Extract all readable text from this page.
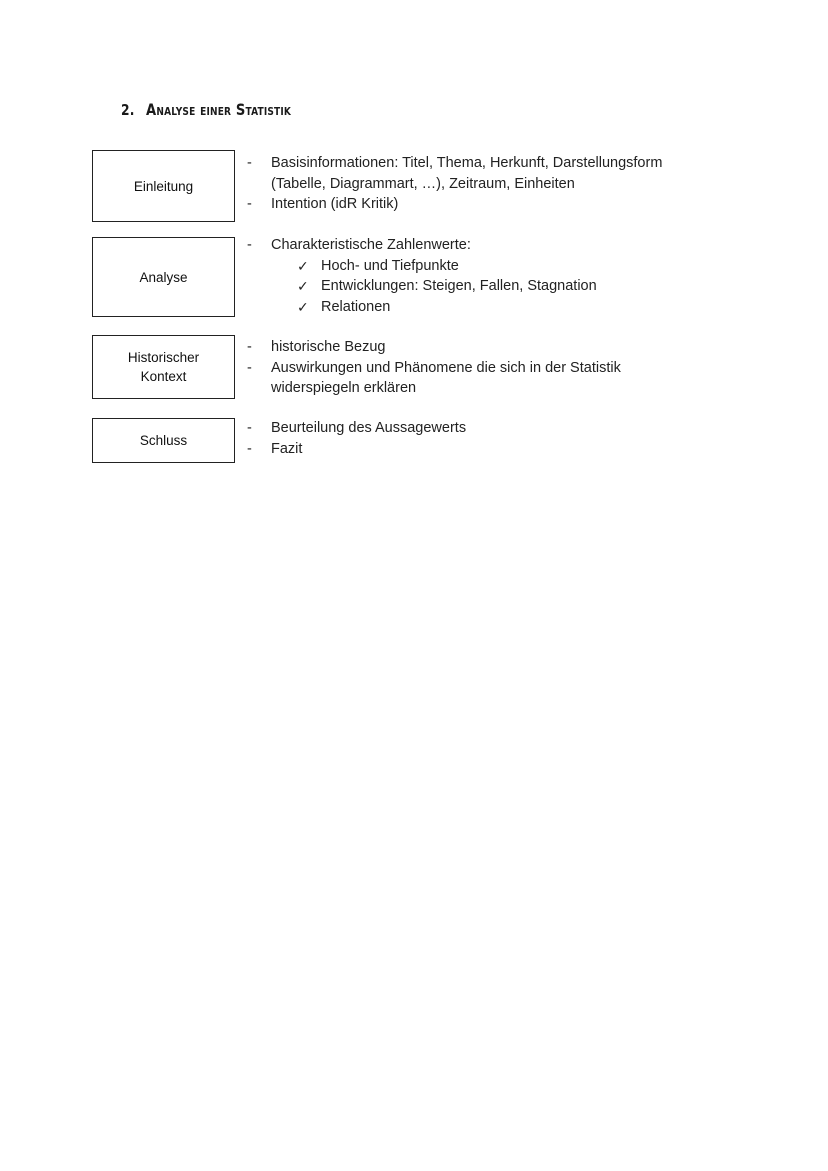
2. Analyse einer Statistik
Einleitung
-	Basisinformationen: Titel, Thema, Herkunft, Darstellungsform (Tabelle, Diagrammart, …), Zeitraum, Einheiten
-	Intention (idR Kritik)
Analyse
-	Charakteristische Zahlenwerte:
✓ Hoch- und Tiefpunkte
✓ Entwicklungen: Steigen, Fallen, Stagnation
✓ Relationen
Historischer
Kontext
-	historische Bezug
-	Auswirkungen und Phänomene die sich in der Statistik widerspiegeln erklären
Schluss
-	Beurteilung des Aussagewerts
-	Fazit
